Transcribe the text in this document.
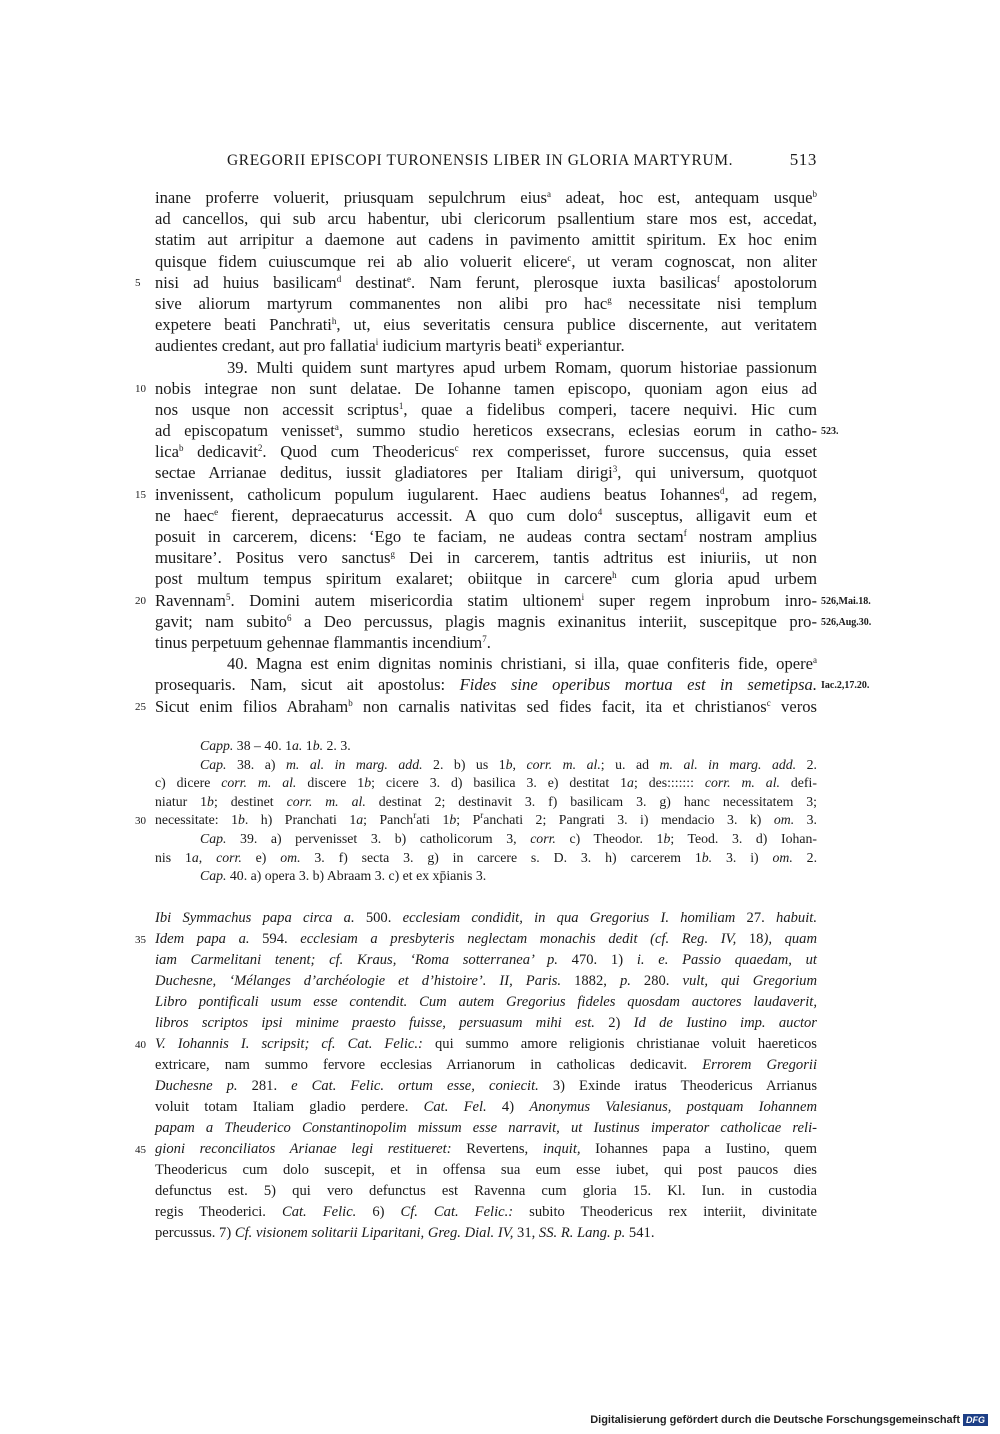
GREGORII EPISCOPI TURONENSIS LIBER IN GLORIA MARTYRUM.	513
inane proferre voluerit, priusquam sepulchrum eius$^a$ adeat, hoc est, antequam usque$^b$
ad cancellos, qui sub arcu habentur, ubi clericorum psallentium stare mos est, accedat,
statim aut arripitur a daemone aut cadens in pavimento amittit spiritum. Ex hoc enim
quisque fidem cuiuscumque rei ab alio voluerit elicere$^c$, ut veram cognoscat, non aliter
5 nisi ad huius basilicam$^d$ destinat$^e$. Nam ferunt, plerosque iuxta basilicas$^f$ apostolorum
sive aliorum martyrum commanentes non alibi pro hac$^g$ necessitate nisi templum
expetere beati Panchrati$^h$, ut, eius severitatis censura publice discernente, aut veritatem
audientes credant, aut pro fallatia$^i$ iudicium martyris beati$^k$ experiantur.
39. Multi quidem sunt martyres apud urbem Romam, quorum historiae passionum
10 nobis integrae non sunt delatae. De Iohanne tamen episcopo, quoniam agon eius ad
nos usque non accessit scriptus$^1$, quae a fidelibus comperi, tacere nequivi. Hic cum
ad episcopatum venisset$^a$, summo studio hereticos exsecrans, eclesias eorum in catho- 523.
lica$^b$ dedicavit$^2$. Quod cum Theodericus$^c$ rex comperisset, furore succensus, quia esset
sectae Arrianae deditus, iussit gladiatores per Italiam dirigi$^3$, qui universum, quotquot
15 invenissent, catholicum populum iugularent. Haec audiens beatus Iohannes$^d$, ad regem,
ne haec$^e$ fierent, depraecaturus accessit. A quo cum dolo$^4$ susceptus, alligavit eum et
posuit in carcerem, dicens: ‘Ego te faciam, ne audeas contra sectam$^f$ nostram amplius
musitare’. Positus vero sanctus$^g$ Dei in carcerem, tantis adtritus est iniuriis, ut non
post multum tempus spiritum exalaret; obiitque in carcere$^h$ cum gloria apud urbem
20 Ravennam$^5$. Domini autem misericordia statim ultionem$^i$ super regem inprobum inro- 526,Mai.18.
gavit; nam subito$^6$ a Deo percussus, plagis magnis exinanitus interiit, suscepitque pro- 526,Aug.30.
tinus perpetuum gehennae flammantis incendium$^7$.
40. Magna est enim dignitas nominis christiani, si illa, quae confiteris fide, opere$^a$
prosequaris. Nam, sicut ait apostolus: Fides sine operibus mortua est in semetipsa. Iac.2,17.20.
25 Sicut enim filios Abraham$^b$ non carnalis nativitas sed fides facit, ita et christianos$^c$ veros
Capp. 38 – 40. 1a. 1b. 2. 3.
Cap. 38. a) m. al. in marg. add. 2. b) us 1b, corr. m. al.; u. ad m. al. in marg. add. 2.
c) dicere corr. m. al. discere 1b; cicere 3. d) basilica 3. e) destitat 1a; des::::::: corr. m. al. defi-
niatur 1b; destinet corr. m. al. destinat 2; destinavit 3. f) basilicam 3. g) hanc necessitatem 3;
30 necessitate: 1b. h) Pranchati 1a; Panch$^r$ati 1b; $P^ranchati$ 2; Pangrati 3. i) mendacio 3. k) om. 3.
Cap. 39. a) pervenisset 3. b) catholicorum 3, corr. c) Theodor. 1b; Teod. 3. d) Iohan-
nis 1a, corr. e) om. 3. f) secta 3. g) in carcere s. D. 3. h) carcerem 1b. 3. i) om. 2.
Cap. 40. a) opera 3. b) Abraam 3. c) et ex xp̄ianis 3.
Ibi Symmachus papa circa a. 500. ecclesiam condidit, in qua Gregorius I. homiliam 27. habuit.
35 Idem papa a. 594. ecclesiam a presbyteris neglectam monachis dedit (cf. Reg. IV, 18), quam
iam Carmelitani tenent; cf. Kraus, ‘Roma sotterranea’ p. 470. 1) i. e. Passio quaedam, ut
Duchesne, ‘Mélanges d’archéologie et d’histoire’. II, Paris. 1882, p. 280. vult, qui Gregorium
Libro pontificali usum esse contendit. Cum autem Gregorius fideles quosdam auctores laudaverit,
libros scriptos ipsi minime praesto fuisse, persuasum mihi est. 2) Id de Iustino imp. auctor
40 V. Iohannis I. scripsit; cf. Cat. Felic.: qui summo amore religionis christianae voluit haereticos
extricare, nam summo fervore ecclesias Arrianorum in catholicas dedicavit. Errorem Gregorii
Duchesne p. 281. e Cat. Felic. ortum esse, coniecit. 3) Exinde iratus Theodericus Arrianus
voluit totam Italiam gladio perdere. Cat. Fel. 4) Anonymus Valesianus, postquam Iohannem
papam a Theuderico Constantinopolim missum esse narravit, ut Iustinus imperator catholicae reli-
45 gioni reconciliatos Arianae legi restitueret: Revertens, inquit, Iohannes papa a Iustino, quem
Theodericus cum dolo suscepit, et in offensa sua eum esse iubet, qui post paucos dies
defunctus est. 5) qui vero defunctus est Ravenna cum gloria 15. Kl. Iun. in custodia
regis Theoderici. Cat. Felic. 6) Cf. Cat. Felic.: subito Theodericus rex interiit, divinitate
percussus. 7) Cf. visionem solitarii Liparitani, Greg. Dial. IV, 31, SS. R. Lang. p. 541.
Digitalisierung gefördert durch die Deutsche Forschungsgemeinschaft DFG
